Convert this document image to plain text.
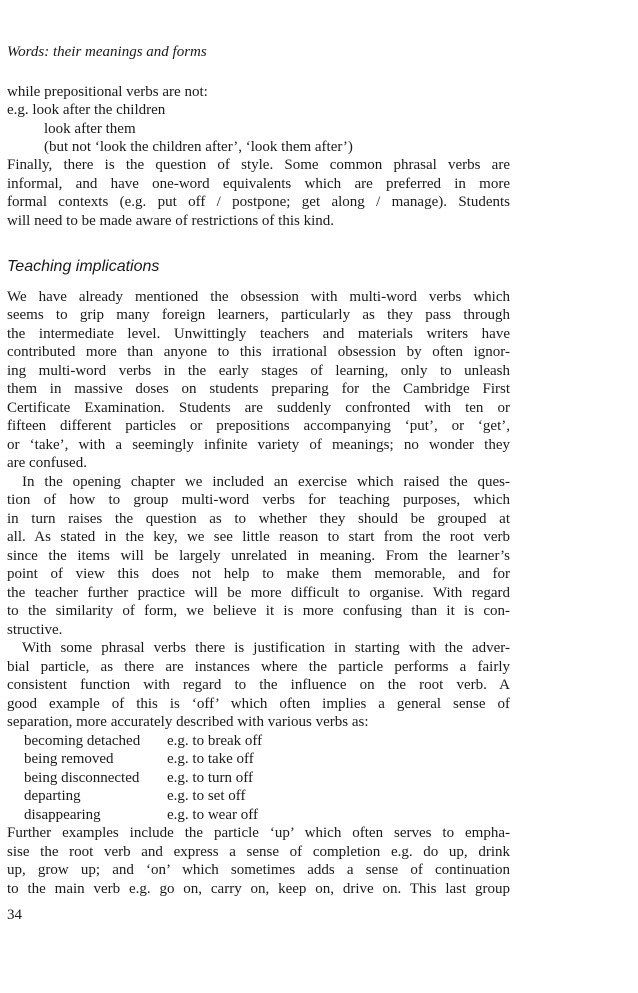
Words: their meanings and forms
while prepositional verbs are not:
e.g. look after the children
look after them
(but not ‘look the children after’, ‘look them after’)
Finally, there is the question of style. Some common phrasal verbs are
informal, and have one-word equivalents which are preferred in more
formal contexts (e.g. put off / postpone; get along / manage). Students
will need to be made aware of restrictions of this kind.
Teaching implications
We have already mentioned the obsession with multi-word verbs which
seems to grip many foreign learners, particularly as they pass through
the intermediate level. Unwittingly teachers and materials writers have
contributed more than anyone to this irrational obsession by often ignor-
ing multi-word verbs in the early stages of learning, only to unleash
them in massive doses on students preparing for the Cambridge First
Certificate Examination. Students are suddenly confronted with ten or
fifteen different particles or prepositions accompanying ‘put’, or ‘get’,
or ‘take’, with a seemingly infinite variety of meanings; no wonder they
are confused.
In the opening chapter we included an exercise which raised the ques-
tion of how to group multi-word verbs for teaching purposes, which
in turn raises the question as to whether they should be grouped at
all. As stated in the key, we see little reason to start from the root verb
since the items will be largely unrelated in meaning. From the learner’s
point of view this does not help to make them memorable, and for
the teacher further practice will be more difficult to organise. With regard
to the similarity of form, we believe it is more confusing than it is con-
structive.
With some phrasal verbs there is justification in starting with the adver-
bial particle, as there are instances where the particle performs a fairly
consistent function with regard to the influence on the root verb. A
good example of this is ‘off’ which often implies a general sense of
separation, more accurately described with various verbs as:
becoming detached e.g. to break off
being removed	e.g. to take off
being disconnected e.g. to turn off
departing	e.g. to set off
disappearing	e.g. to wear off
Further examples include the particle ‘up’ which often serves to empha-
sise the root verb and express a sense of completion e.g. do up, drink
up, grow up; and ‘on’ which sometimes adds a sense of continuation
to the main verb e.g. go on, carry on, keep on, drive on. This last group
34
